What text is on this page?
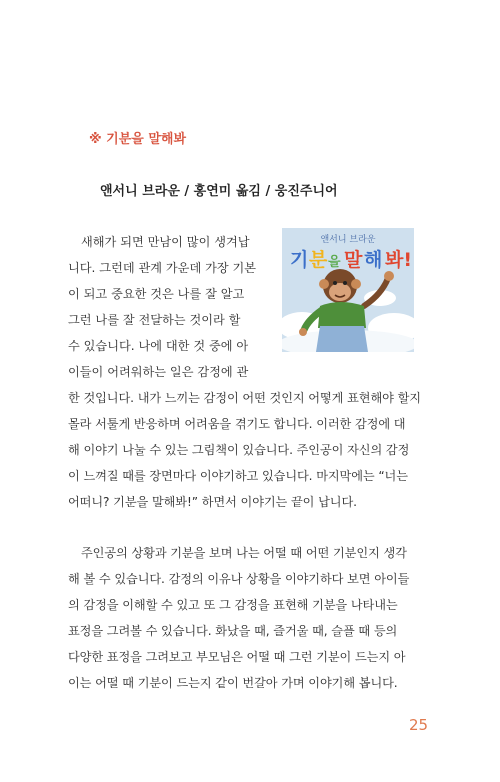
※ 기분을 말해봐
앤서니 브라운 / 홍연미 옮김 / 웅진주니어
앤서니 브라운
기 분 을 말 해 봐!
새해가 되면 만남이 많이 생겨납
니다. 그런데 관계 가운데 가장 기본
이 되고 중요한 것은 나를 잘 알고
그런 나를 잘 전달하는 것이라 할
수 있습니다. 나에 대한 것 중에 아
이들이 어려워하는 일은 감정에 관
한 것입니다. 내가 느끼는 감정이 어떤 것인지 어떻게 표현해야 할지
몰라 서툴게 반응하며 어려움을 겪기도 합니다. 이러한 감정에 대
해 이야기 나눌 수 있는 그림책이 있습니다. 주인공이 자신의 감정
이 느껴질 때를 장면마다 이야기하고 있습니다. 마지막에는 “너는
어떠니? 기분을 말해봐!” 하면서 이야기는 끝이 납니다.
주인공의 상황과 기분을 보며 나는 어떨 때 어떤 기분인지 생각
해 볼 수 있습니다. 감정의 이유나 상황을 이야기하다 보면 아이들
의 감정을 이해할 수 있고 또 그 감정을 표현해 기분을 나타내는
표정을 그려볼 수 있습니다. 화났을 때, 즐거울 때, 슬플 때 등의
다양한 표정을 그려보고 부모님은 어떨 때 그런 기분이 드는지 아
이는 어떨 때 기분이 드는지 같이 번갈아 가며 이야기해 봅니다.
25
